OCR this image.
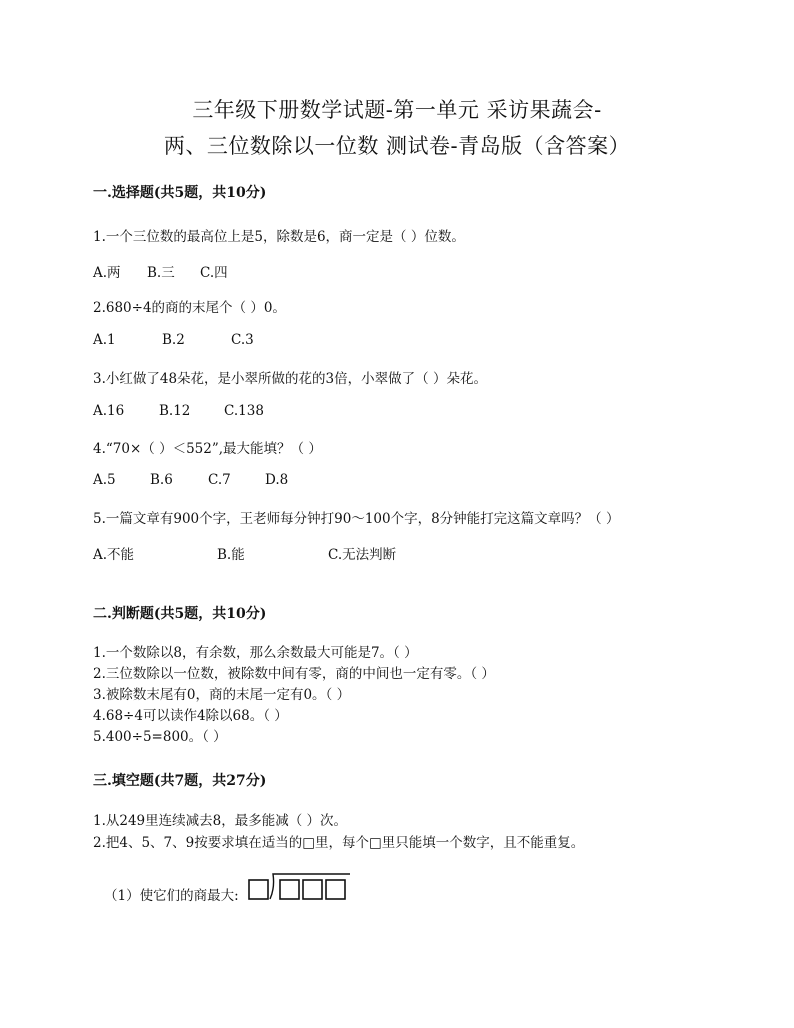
三年级下册数学试题-第一单元 采访果蔬会-
两、三位数除以一位数 测试卷-青岛版（含答案）
一.选择题(共5题，共10分)
1.一个三位数的最高位上是5，除数是6，商一定是（ ）位数。
A.两 B.三 C.四
2.680÷4的商的末尾个（ ）0。
A.1	B.2	C.3
3.小红做了48朵花，是小翠所做的花的3倍，小翠做了（ ）朵花。
A.16	B.12 C.138
4.“70×（ ）＜552”,最大能填？（ ）
A.5	B.6	C.7	D.8
5.一篇文章有900个字，王老师每分钟打90～100个字，8分钟能打完这篇文章吗？（ ）
A.不能	B.能	C.无法判断
二.判断题(共5题，共10分)
1.一个数除以8，有余数，那么余数最大可能是7。（ ）
2.三位数除以一位数，被除数中间有零，商的中间也一定有零。（ ）
3.被除数末尾有0，商的末尾一定有0。（ ）
4.68÷4可以读作4除以68。（ ）
5.400÷5=800。（ ）
三.填空题(共7题，共27分)
1.从249里连续减去8，最多能减（ ）次。
2.把4、5、7、9按要求填在适当的□里，每个□里只能填一个数字，且不能重复。
（1）使它们的商最大:
